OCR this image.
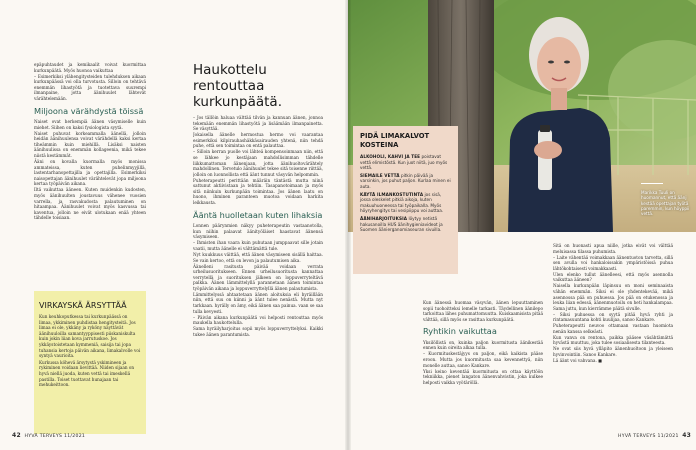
epäpuhtaudet ja kemikaalit voivat kuormittaa kurkunpäätä. Myös huonoa vaikuttaa

– Esimerkiksi ylähengitysteiden tulehduksen aikaan kurkunpäässä voi olla turvotusta. Silloin on tehtävä enemmän lihastyötä ja tuotettava suurempi ilmanpaine, jotta äänihuulet lähtevät värähtelemään.

Miljoona värähdystä töissä

Naiset ovat herkempiä äänen väsymiselle kuin miehet. Siihen on kaksi fysiologista syytä.

Naiset puhuvat korkeammalla äänellä, jolloin heidän äänihuulensa voivat värähdellä kaksi kertaa tiheämmin kuin miehillä. Lisäksi naisten äänihuulissa on enemmän kollageenia, mikä tekee niistä kestämmät.

Ääni on kovalla kuormalla myös monissa ammateissa, kuten puhelinmyyjillä, lastentarhanopettajilla ja opettajilla. Esimerkiksi naisopettajan äänihuulet värähtelevät jopa miljoona kertaa työpäivän aikana.

Iltä vaikuttaa ääneen. Kuten muidenkin kudosten, myös äänihuulten joustavuus vähenee vuosien varrella, ja rasvakudosta palautuminen on hitaampaa. Äänihuulet voivat myös kasvussa tai kaventua, jolloin ne eivät ulotukaan enää yhteen tähdelle toisiaan.

VIRKAYSKÄ ÄRSYTTÄÄ

Kun keuhkoputkessa tai kurkunpäässä on limaa, ykkiminen puhdistaa hengitysteitä. Jos limaa ei ole, ykkäny ja ryköny näyttävät äänihuuloilla samantyyppisesti piiskaniskulta kuin jokin liian kova jarrutuskoe. Jos ykkäystoistetaan kymmeniä, saisija tai jopa tuhansia kertoja päivän aikana, limakalvolle voi syntyä vaurioita.

Kurkussa köhevä ärsytystä yskimineen ja rykiminen voidaan lievittää. Niiden sijaan on hyvä niellä juoda, kuten vettä tai imeskellä pastilla. Toiset tuottavat hunajaan tai mehukeittoon.

Haukottelu rentouttaa kurkunpäätä.

– Jos tällöin haluaa välttää tilvän ja kannuan äänen, jonnoa tekemään enemmän lihastyötä ja lisäämään ilmanpainetta. Se väsyttää.

Jokaisella äänelle hermostua hermo voi vaarantaa esimerkiksi kilpirauhashäkkäsairauden yhtenä, niin tehdä puhe, että sen toimintaa on entä palauttaa.

– Silloin kerran puolle voi lähteä kompensoinmaan niin, että se lähkee jo kestäjaan mahdollisimman tähdelle liikkumattoman äänenjaan, jotta äänihuoltovärähtely mahdollinen. Tervetulo äänihuulet tekee sitä toisenne riittää, jolloin on luonnollista että äänt tunnut väsyvän helpommin.

Puheterapeutti perittään määräin täntästä mutta niinä sattunut aktiivistaan ja tehtiin. Tasapanotoimaan ja myös sitä niinkuin kurkunpään toimintaa. Jos äänen laatu on huono, ihminen paranteen muotoa voidaan harkita leikkausta.

Ääntä huolletaan kuten lihaksia

Lonnen päärynmien näkyy puheterapeutin vastaanotolla, kun niihin palaavat äänityöläiset haastavat äänensä väsymiseen.

– Ihmisten ihan vaara kuin puhutaan jumppaavat sille jotain vaatii, mutta äänelle ei välttämättä tule.

Nyt kuukkuus väittää, että äänen väsymiseen sisällä haittaa. Se vain kertoo, että on levon ja palautumisen aika.

Äänelleni rasitusta päivää voidaan verrata urheilusuoritukseen. Ennen urheilusuoritusta kannattaa verrytellä ja suorituksen jälkeen on loppuverryteltävä palkka. Äänen lämmittelyllä parannetaan äänen toimintaa työpäivän aikana ja loppuverryttelyllä äänen palautumista.

Lämmittelyssä ahtaatetaan äänen aloituksia eli hyräillään niin, että suu on kiinni ja äänt tulee nenästä. Mutta nyt tarkkaan. hyrälly on ämy, eikä äänen saa painua. vaan se saa tulla kevyesti.

– Päivän aikana kurkunpäätä voi helposti rentouttaa myös maukella haukottelulla.

Sama hyräilyharjoitus sopii myös loppuverryttelyksi. Kaikki tukee äänen parantumista.

42 HYVÄ TERVEYS 11/2021
Marikka Tuuli on huomannut, että äänj kestää opettajan työtä paremmin, kun höyppii vettä.
PIDÄ LIMAKALVOT KOSTEINA

ALKOHOLI, KAHVI JA TEE poistavat vettä elimistöstä. Kun juot niitä, juo myös vettä.

SIEMAILE VETTÄ pitkin päivää ja varsinkin, jos puhut paljon. Kurlaa minen ei auta.

KÄYTÄ ILMANKOSTUTINTA jos sisä, jossa oleskelet pitkiä aikoja, kuten makuuhuoneessa tai työpaikalla. Myös höyryhengitys tai vesipiippu voi auttaa.

ÄÄNIHARJOITUKSIA löytyy netistä hakusanoilla HUS äänihygieniavideot ja Suomen äänierganomiaseuran sivuilla.

Kun äänessä huomaa väsyvän, äänen lepuuttaminen sopii tuohoitteksi lemelle tarkasti. Täydellinen äänilepo tarkoittaa lähes puhumattomuutta. Kuiskaamisista pitää välttää, sillä myös se rasittaa kurkunpäätä.

Ryhtikin vaikuttaa

Yksilöllistä on, kuinka paljon kuormitusta äänikestää ennen kuin oireita alkaa tulla.

– Kuormituskestäjyys on paljon, eikä kaikista pääse eroon. Mutta jos kuormitusta saa kevennettyä, niin monelle auttaa, sanoo Kankare.

Yksi keino keventää kuormitusta on ottaa käyttöön tekniikka, pienet langaton äänenvahvistin, joka kulkee helposti vaikka vyötäröllä.

Sitä on huonasti apua niille, jotka eivät voi välttää meluisassa tilassa puhumista.

– Laite vähentää voimakkaan äänentuoton tarvetta, sillä sen avulla voi hankaloissakin ympäristöissä puhua lähtökohtaisesti voimakkaasti.

Ulen elenko tullut äänelleesi, että myös asennolla vaikuttaa ääneen?

Naisella kurkunpään läpinsuu on moni seminaaista vähän enemmän. Siksi ei ole yhdentekevää, mikä asennossa pää on puhuessa. Jos pää on etukenossa ja leuka liian edessä, äänenmuotoilu on heti hankalampaa. Sama juttu, kun kierrämme päätä sivulle.

– Siksi puhuessa on syytä pitää hyvä ryhti ja rintamasuuntana kohti kuulijaa, sanoo Kankare.

Puheterapeutti neuvoo ottamaan vastaan huomiota nenän kanssa selkeästi.

Kun vanva on rentona, paikka pääsee väsähtämättä hyvästä muuttuu, joka tulee sosiaalisesta tilanteesta.

Ne ovat siis hyvä ylläpito äänenhuoltoon ja yleiseen hyvinvointiin. Sanoo Kankare.

Lä äänt voi vahvana. ■

HYVÄ TERVEYS 11/2021 43
